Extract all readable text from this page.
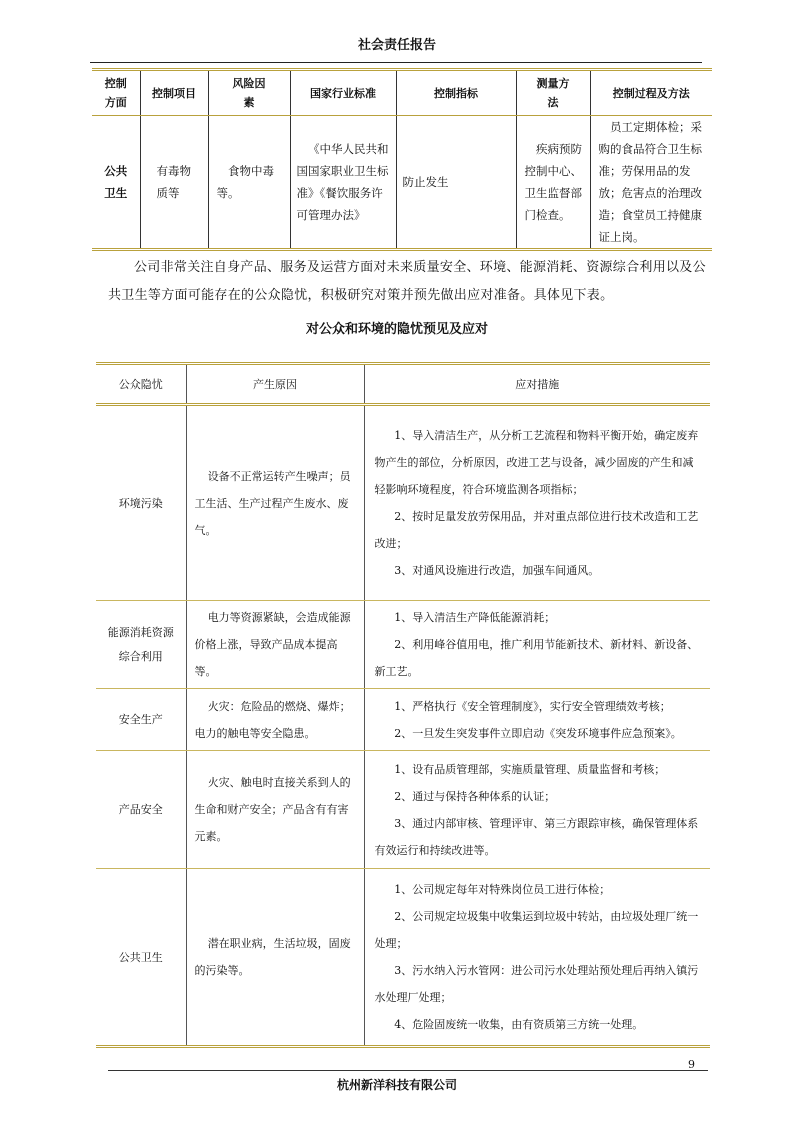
社会责任报告
控制方面	控制项目	风险因素	国家行业标准	控制指标	测量方法	控制过程及方法
公共卫生	有毒物质等	食物中毒等。	《中华人民共和国国家职业卫生标准》《餐饮服务许可管理办法》	防止发生	疾病预防控制中心、卫生监督部门检查。	员工定期体检；采购的食品符合卫生标准；劳保用品的发放；危害点的治理改造；食堂员工持健康证上岗。
公司非常关注自身产品、服务及运营方面对未来质量安全、环境、能源消耗、资源综合利用以及公共卫生等方面可能存在的公众隐忧，积极研究对策并预先做出应对准备。具体见下表。
对公众和环境的隐忧预见及应对
公众隐忧	产生原因	应对措施
环境污染	设备不正常运转产生噪声；员工生活、生产过程产生废水、废气。	1、导入清洁生产，从分析工艺流程和物料平衡开始，确定废弃物产生的部位，分析原因，改进工艺与设备，减少固废的产生和减轻影响环境程度，符合环境监测各项指标；
2、按时足量发放劳保用品，并对重点部位进行技术改造和工艺改进；
3、对通风设施进行改造，加强车间通风。

能源消耗资源综合利用	电力等资源紧缺，会造成能源价格上涨，导致产品成本提高等。	1、导入清洁生产降低能源消耗；
2、利用峰谷值用电，推广利用节能新技术、新材料、新设备、新工艺。

安全生产	火灾：危险品的燃烧、爆炸；电力的触电等安全隐患。	1、严格执行《安全管理制度》，实行安全管理绩效考核；
2、一旦发生突发事件立即启动《突发环境事件应急预案》。

产品安全	火灾、触电时直接关系到人的生命和财产安全；产品含有有害元素。	1、设有品质管理部，实施质量管理、质量监督和考核；
2、通过与保持各种体系的认证；
3、通过内部审核、管理评审、第三方跟踪审核，确保管理体系有效运行和持续改进等。

公共卫生	潜在职业病，生活垃圾，固废的污染等。	1、公司规定每年对特殊岗位员工进行体检；
2、公司规定垃圾集中收集运到垃圾中转站，由垃圾处理厂统一处理；
3、污水纳入污水管网：进公司污水处理站预处理后再纳入镇污水处理厂处理；
4、危险固废统一收集，由有资质第三方统一处理。
9
杭州新洋科技有限公司
